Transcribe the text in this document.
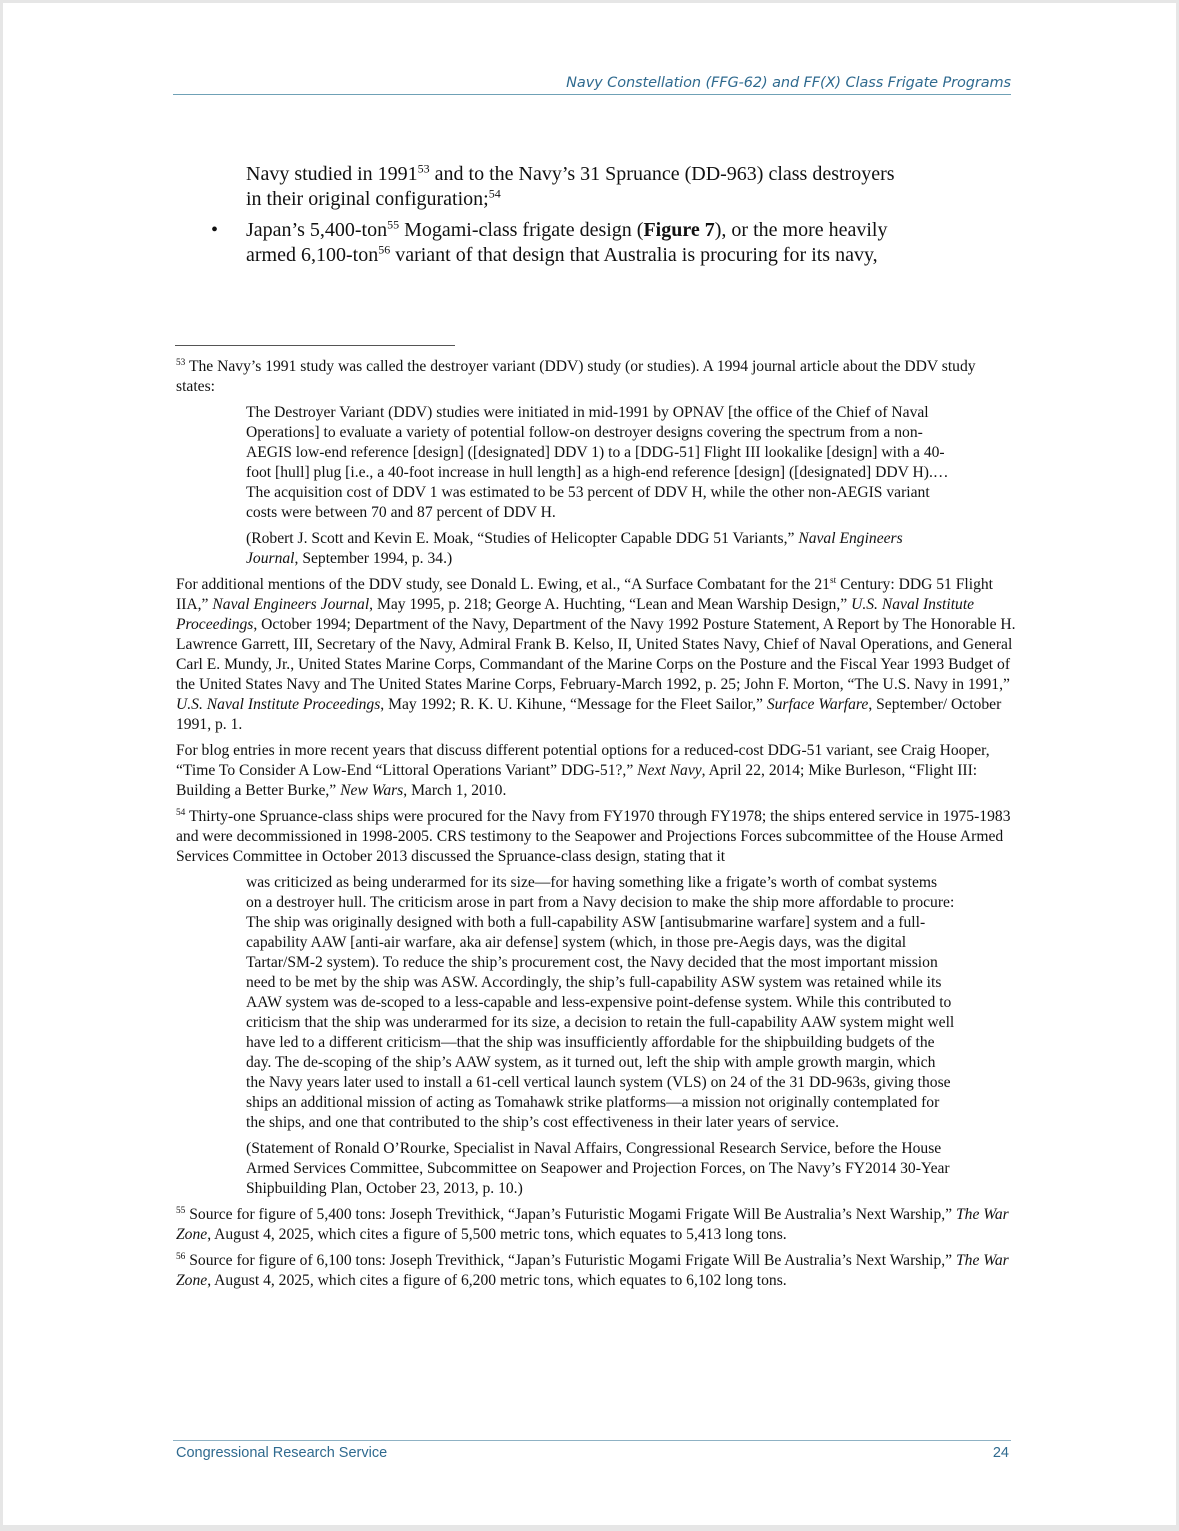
Navy Constellation (FFG-62) and FF(X) Class Frigate Programs

Navy studied in 1991$^{53}$ and to the Navy’s 31 Spruance (DD-963) class destroyers
in their original configuration;$^{54}$

• Japan’s 5,400-ton$^{55}$ Mogami-class frigate design (Figure 7), or the more heavily
armed 6,100-ton$^{56}$ variant of that design that Australia is procuring for its navy,

$^{53}$ The Navy’s 1991 study was called the destroyer variant (DDV) study (or studies). A 1994 journal article about the DDV study states:

The Destroyer Variant (DDV) studies were initiated in mid-1991 by OPNAV [the office of the Chief of Naval Operations] to evaluate a variety of potential follow-on destroyer designs covering the spectrum from a non-AEGIS low-end reference [design] ([designated] DDV 1) to a [DDG-51] Flight III lookalike [design] with a 40-foot [hull] plug [i.e., a 40-foot increase in hull length] as a high-end reference [design] ([designated] DDV H).… The acquisition cost of DDV 1 was estimated to be 53 percent of DDV H, while the other non-AEGIS variant costs were between 70 and 87 percent of DDV H.

(Robert J. Scott and Kevin E. Moak, “Studies of Helicopter Capable DDG 51 Variants,” Naval Engineers Journal, September 1994, p. 34.)

For additional mentions of the DDV study, see Donald L. Ewing, et al., “A Surface Combatant for the 21st Century: DDG 51 Flight IIA,” Naval Engineers Journal, May 1995, p. 218; George A. Huchting, “Lean and Mean Warship Design,” U.S. Naval Institute Proceedings, October 1994; Department of the Navy, Department of the Navy 1992 Posture Statement, A Report by The Honorable H. Lawrence Garrett, III, Secretary of the Navy, Admiral Frank B. Kelso, II, United States Navy, Chief of Naval Operations, and General Carl E. Mundy, Jr., United States Marine Corps, Commandant of the Marine Corps on the Posture and the Fiscal Year 1993 Budget of the United States Navy and The United States Marine Corps, February-March 1992, p. 25; John F. Morton, “The U.S. Navy in 1991,” U.S. Naval Institute Proceedings, May 1992; R. K. U. Kihune, “Message for the Fleet Sailor,” Surface Warfare, September/ October 1991, p. 1.

For blog entries in more recent years that discuss different potential options for a reduced-cost DDG-51 variant, see Craig Hooper, “Time To Consider A Low-End “Littoral Operations Variant” DDG-51?,” Next Navy, April 22, 2014; Mike Burleson, “Flight III: Building a Better Burke,” New Wars, March 1, 2010.

$^{54}$ Thirty-one Spruance-class ships were procured for the Navy from FY1970 through FY1978; the ships entered service in 1975-1983 and were decommissioned in 1998-2005. CRS testimony to the Seapower and Projections Forces subcommittee of the House Armed Services Committee in October 2013 discussed the Spruance-class design, stating that it

was criticized as being underarmed for its size—for having something like a frigate’s worth of combat systems on a destroyer hull. The criticism arose in part from a Navy decision to make the ship more affordable to procure: The ship was originally designed with both a full-capability ASW [antisubmarine warfare] system and a full-capability AAW [anti-air warfare, aka air defense] system (which, in those pre-Aegis days, was the digital Tartar/SM-2 system). To reduce the ship’s procurement cost, the Navy decided that the most important mission need to be met by the ship was ASW. Accordingly, the ship’s full-capability ASW system was retained while its AAW system was de-scoped to a less-capable and less-expensive point-defense system. While this contributed to criticism that the ship was underarmed for its size, a decision to retain the full-capability AAW system might well have led to a different criticism—that the ship was insufficiently affordable for the shipbuilding budgets of the day. The de-scoping of the ship’s AAW system, as it turned out, left the ship with ample growth margin, which the Navy years later used to install a 61-cell vertical launch system (VLS) on 24 of the 31 DD-963s, giving those ships an additional mission of acting as Tomahawk strike platforms—a mission not originally contemplated for the ships, and one that contributed to the ship’s cost effectiveness in their later years of service.

(Statement of Ronald O’Rourke, Specialist in Naval Affairs, Congressional Research Service, before the House Armed Services Committee, Subcommittee on Seapower and Projection Forces, on The Navy’s FY2014 30-Year Shipbuilding Plan, October 23, 2013, p. 10.)

$^{55}$ Source for figure of 5,400 tons: Joseph Trevithick, “Japan’s Futuristic Mogami Frigate Will Be Australia’s Next Warship,” The War Zone, August 4, 2025, which cites a figure of 5,500 metric tons, which equates to 5,413 long tons.

$^{56}$ Source for figure of 6,100 tons: Joseph Trevithick, “Japan’s Futuristic Mogami Frigate Will Be Australia’s Next Warship,” The War Zone, August 4, 2025, which cites a figure of 6,200 metric tons, which equates to 6,102 long tons.

Congressional Research Service	24
